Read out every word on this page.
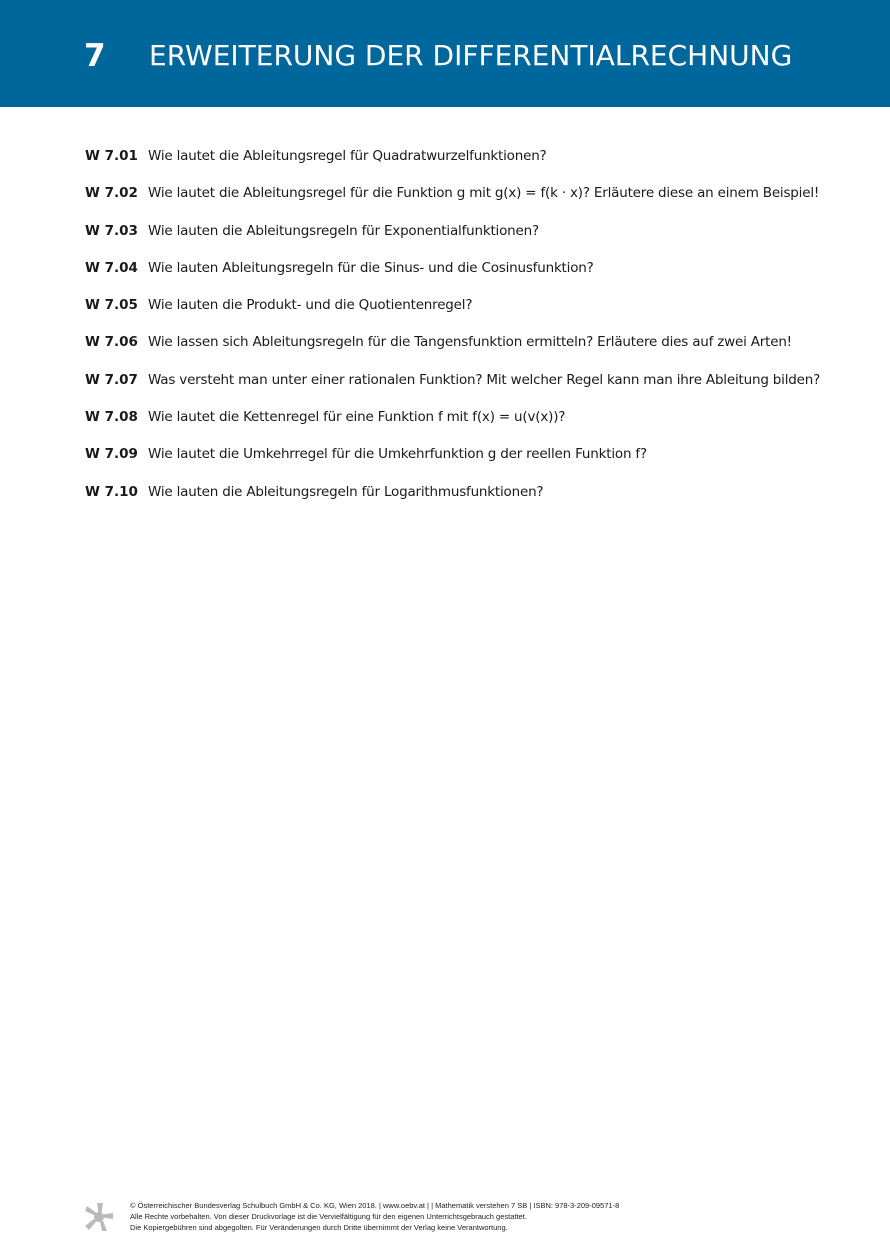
7 ERWEITERUNG DER DIFFERENTIALRECHNUNG
W 7.01 Wie lautet die Ableitungsregel für Quadratwurzelfunktionen?
W 7.02 Wie lautet die Ableitungsregel für die Funktion g mit g(x) = f(k · x)? Erläutere diese an einem Beispiel!
W 7.03 Wie lauten die Ableitungsregeln für Exponentialfunktionen?
W 7.04 Wie lauten Ableitungsregeln für die Sinus- und die Cosinusfunktion?
W 7.05 Wie lauten die Produkt- und die Quotientenregel?
W 7.06 Wie lassen sich Ableitungsregeln für die Tangensfunktion ermitteln? Erläutere dies auf zwei Arten!
W 7.07 Was versteht man unter einer rationalen Funktion? Mit welcher Regel kann man ihre Ableitung bilden?
W 7.08 Wie lautet die Kettenregel für eine Funktion f mit f(x) = u(v(x))?
W 7.09 Wie lautet die Umkehrregel für die Umkehrfunktion g der reellen Funktion f?
W 7.10 Wie lauten die Ableitungsregeln für Logarithmusfunktionen?
© Österreichischer Bundesverlag Schulbuch GmbH & Co. KG, Wien 2018. | www.oebv.at | | Mathematik verstehen 7 SB | ISBN: 978-3-209-09571-8
Alle Rechte vorbehalten. Von dieser Druckvorlage ist die Vervielfältigung für den eigenen Unterrichtsgebrauch gestattet.
Die Kopiergebühren sind abgegolten. Für Veränderungen durch Dritte übernimmt der Verlag keine Verantwortung.
